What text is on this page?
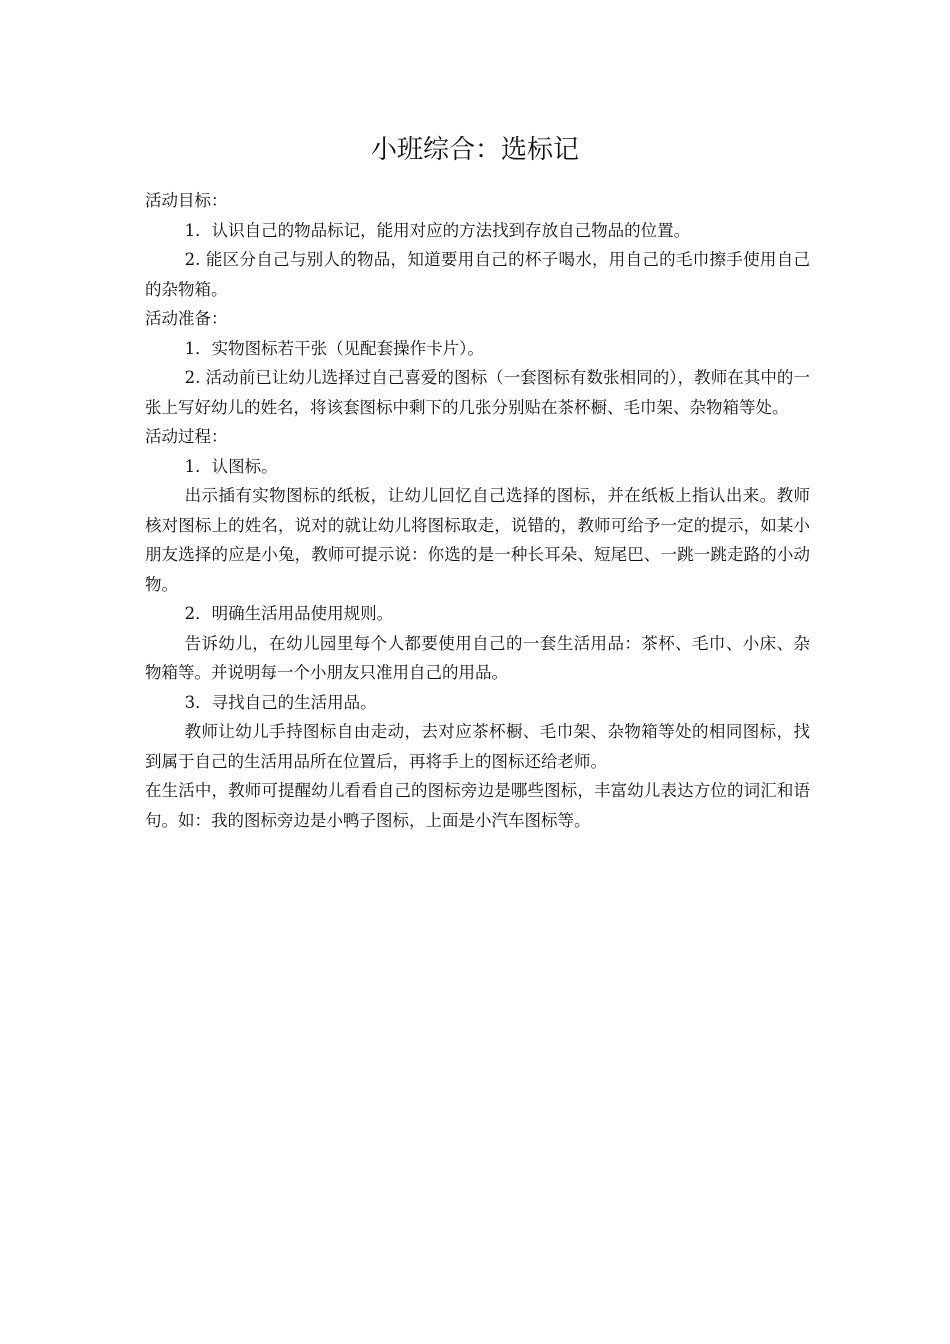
小班综合：选标记

活动目标：

1．认识自己的物品标记，能用对应的方法找到存放自己物品的位置。

2. 能区分自己与别人的物品，知道要用自己的杯子喝水，用自己的毛巾擦手使用自己的杂物箱。

活动准备：

1．实物图标若干张（见配套操作卡片）。

2. 活动前已让幼儿选择过自己喜爱的图标（一套图标有数张相同的），教师在其中的一张上写好幼儿的姓名，将该套图标中剩下的几张分别贴在茶杯橱、毛巾架、杂物箱等处。

活动过程：

1．认图标。

出示插有实物图标的纸板，让幼儿回忆自己选择的图标，并在纸板上指认出来。教师核对图标上的姓名，说对的就让幼儿将图标取走，说错的，教师可给予一定的提示，如某小朋友选择的应是小兔，教师可提示说：你选的是一种长耳朵、短尾巴、一跳一跳走路的小动物。

2．明确生活用品使用规则。

告诉幼儿，在幼儿园里每个人都要使用自己的一套生活用品：茶杯、毛巾、小床、杂物箱等。并说明每一个小朋友只准用自己的用品。

3．寻找自己的生活用品。

教师让幼儿手持图标自由走动，去对应茶杯橱、毛巾架、杂物箱等处的相同图标，找到属于自己的生活用品所在位置后，再将手上的图标还给老师。

在生活中，教师可提醒幼儿看看自己的图标旁边是哪些图标，丰富幼儿表达方位的词汇和语句。如：我的图标旁边是小鸭子图标，上面是小汽车图标等。
